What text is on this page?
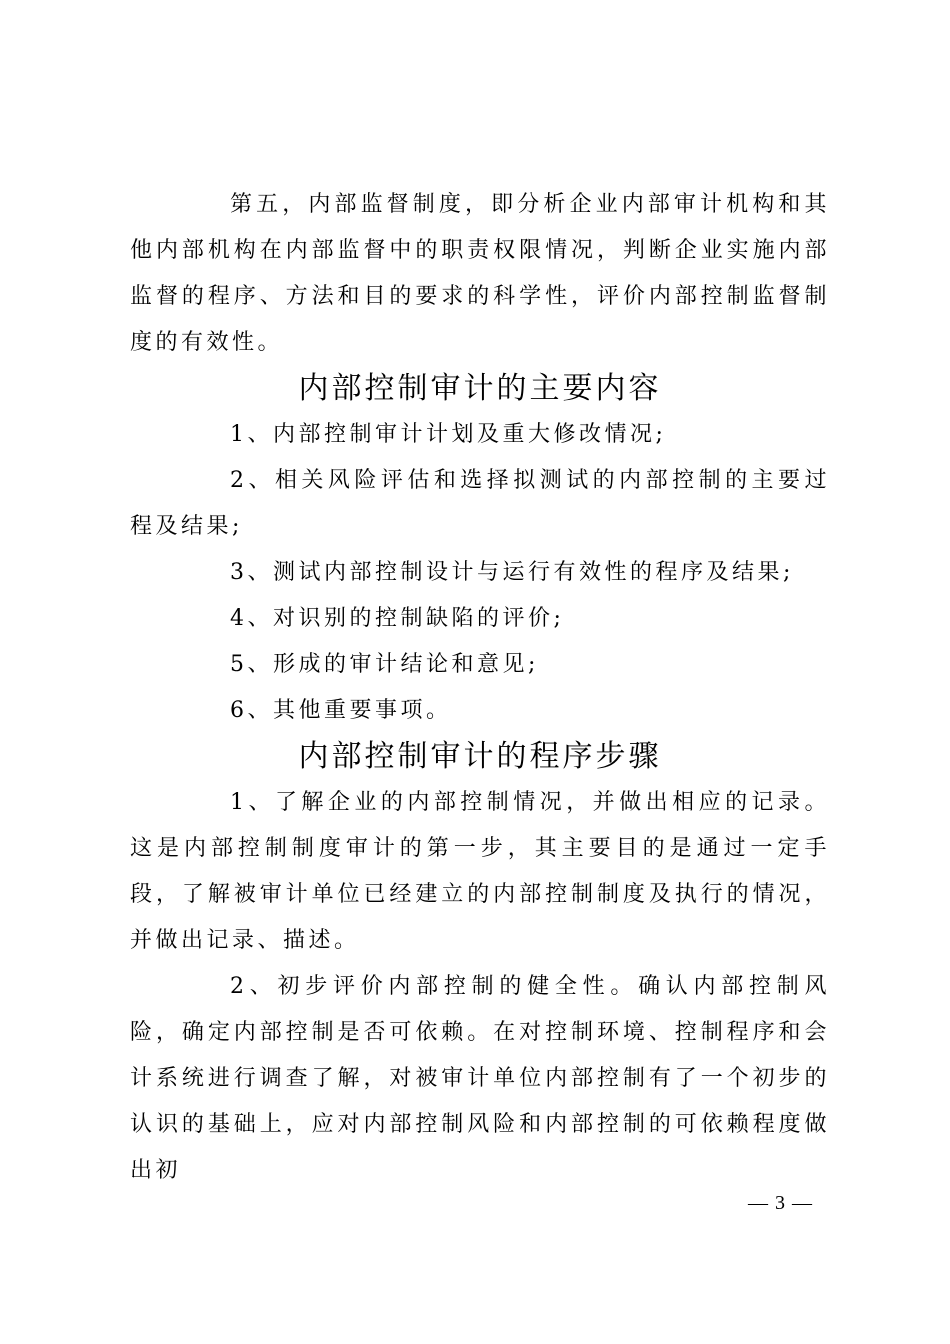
第五，内部监督制度，即分析企业内部审计机构和其他内部机构在内部监督中的职责权限情况，判断企业实施内部监督的程序、方法和目的要求的科学性，评价内部控制监督制度的有效性。

内部控制审计的主要内容

1、内部控制审计计划及重大修改情况;

2、相关风险评估和选择拟测试的内部控制的主要过程及结果;

3、测试内部控制设计与运行有效性的程序及结果;

4、对识别的控制缺陷的评价;

5、形成的审计结论和意见;

6、其他重要事项。

内部控制审计的程序步骤

1、了解企业的内部控制情况，并做出相应的记录。这是内部控制制度审计的第一步，其主要目的是通过一定手段，了解被审计单位已经建立的内部控制制度及执行的情况，并做出记录、描述。

2、初步评价内部控制的健全性。确认内部控制风险，确定内部控制是否可依赖。在对控制环境、控制程序和会计系统进行调查了解，对被审计单位内部控制有了一个初步的认识的基础上，应对内部控制风险和内部控制的可依赖程度做出初

— 3 —
